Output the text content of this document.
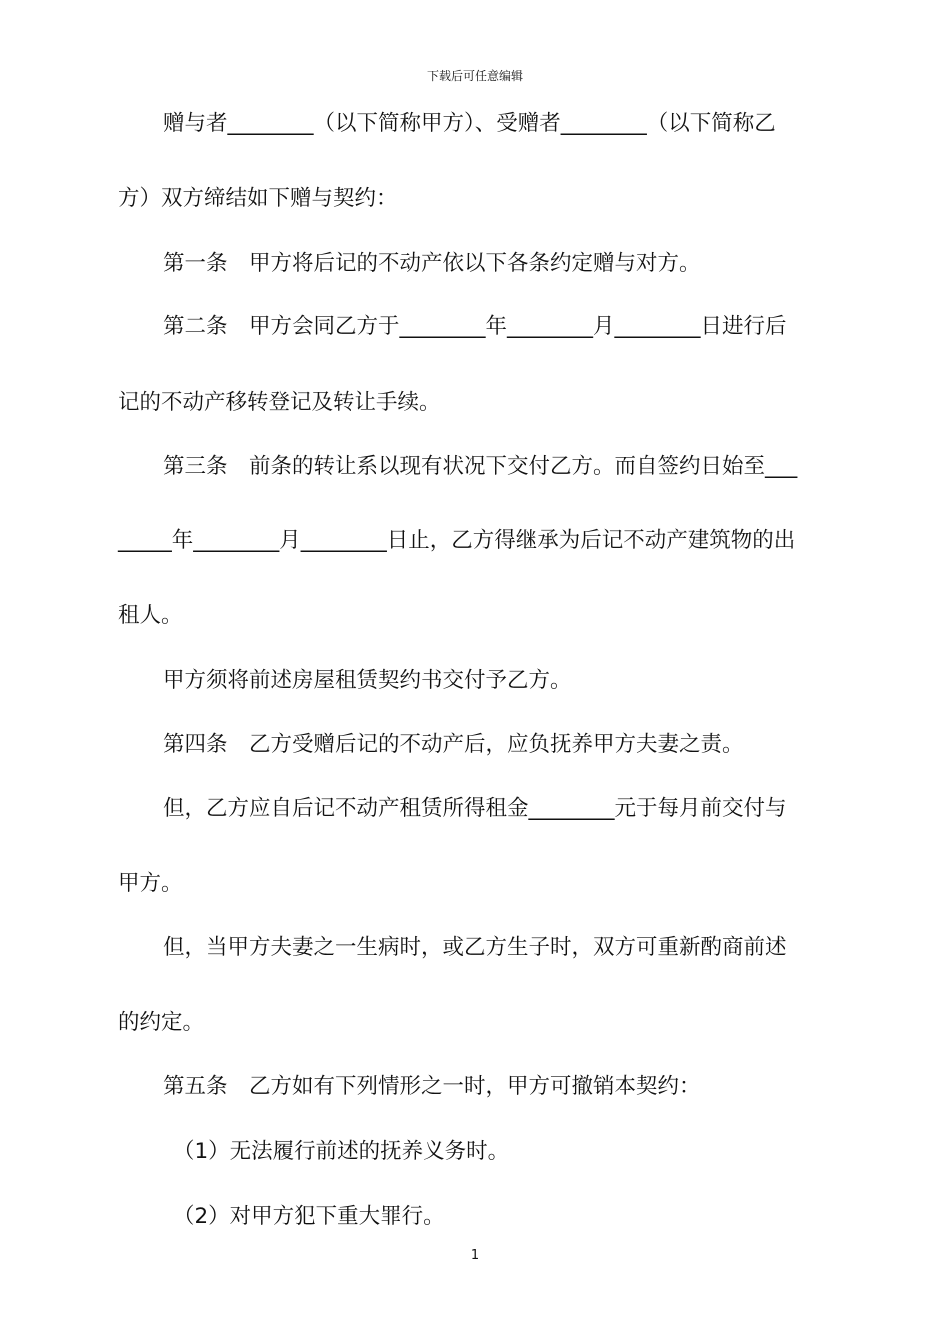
下载后可任意编辑
赠与者________（以下简称甲方）、受赠者________（以下简称乙
方）双方缔结如下赠与契约：
第一条　甲方将后记的不动产依以下各条约定赠与对方。
第二条　甲方会同乙方于________年________月________日进行后
记的不动产移转登记及转让手续。
第三条　前条的转让系以现有状况下交付乙方。而自签约日始至___
_____年________月________日止，乙方得继承为后记不动产建筑物的出
租人。
甲方须将前述房屋租赁契约书交付予乙方。
第四条　乙方受赠后记的不动产后，应负抚养甲方夫妻之责。
但，乙方应自后记不动产租赁所得租金________元于每月前交付与
甲方。
但，当甲方夫妻之一生病时，或乙方生子时，双方可重新酌商前述
的约定。
第五条　乙方如有下列情形之一时，甲方可撤销本契约：
（1）无法履行前述的抚养义务时。
（2）对甲方犯下重大罪行。
1
